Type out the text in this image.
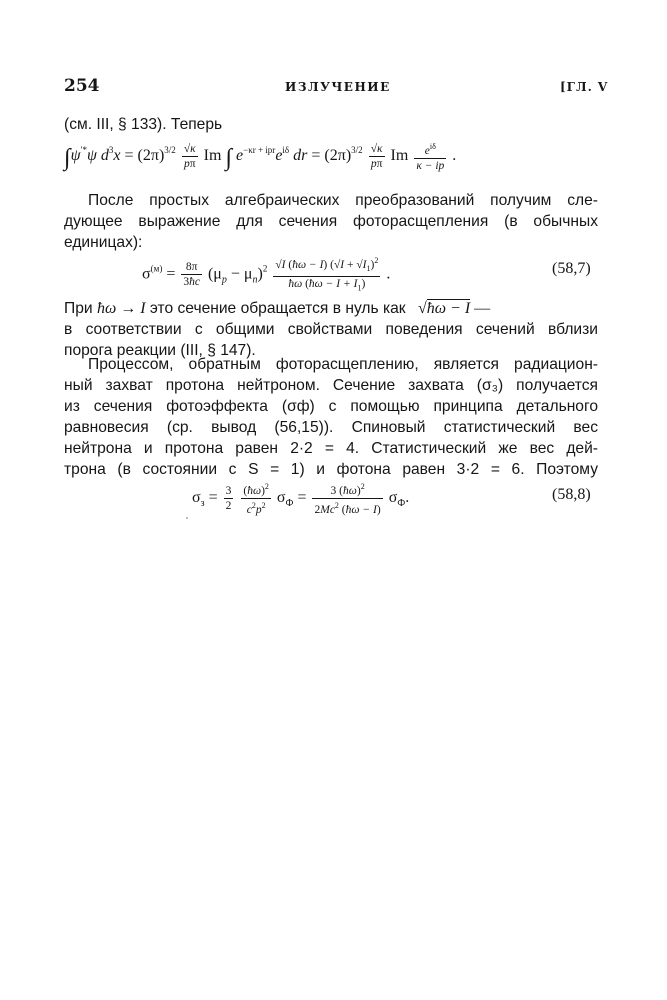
254	ИЗЛУЧЕНИЕ	[ГЛ. V
(см. III, § 133). Теперь
∫ψ′*ψ $d^3x = (2\pi)^{3/2} \frac{√\kappa}{p\pi}$ Im ∫ $e^{-\kappa r + ipr}e^{i\delta}$ dr = $(2\pi)^{3/2} \frac{√\kappa}{p\pi}$ Im $\frac{e^{i\delta}}{\kappa - ip}$ .
После простых алгебраических преобразований получим сле-
дующее выражение для сечения фоторасщепления (в обычных
единицах):
$\sigma^{(м)} = \frac{8\pi}{3ħc} (\mu_p - \mu_n)^2 \frac{√I (ħ\omega - I) (√I + √I_1)^2}{ħ\omega (ħ\omega - I + I_1)}$ .	(58,7)
При ħω → I это сечение обращается в нуль как √ħω − I —
в соответствии с общими свойствами поведения сечений вблизи
порога реакции (III, § 147).
Процессом, обратным фоторасщеплению, является радиацион-
ный захват протона нейтроном. Сечение захвата (σ₃) получается
из сечения фотоэффекта (σф) с помощью принципа детального
равновесия (ср. вывод (56,15)). Спиновый статистический вес
нейтрона и протона равен 2·2 = 4. Статистический же вес дей-
трона (в состоянии с S = 1) и фотона равен 3·2 = 6. Поэтому
$\sigma_з = \frac{3}{2}$
$\frac{(ħ\omega)^2}{c^2p^2} \sigma_Ф = \frac{3 (ħ\omega)^2}{2Mc^2 (ħ\omega - I)} \sigma_Ф$.	(58,8)
